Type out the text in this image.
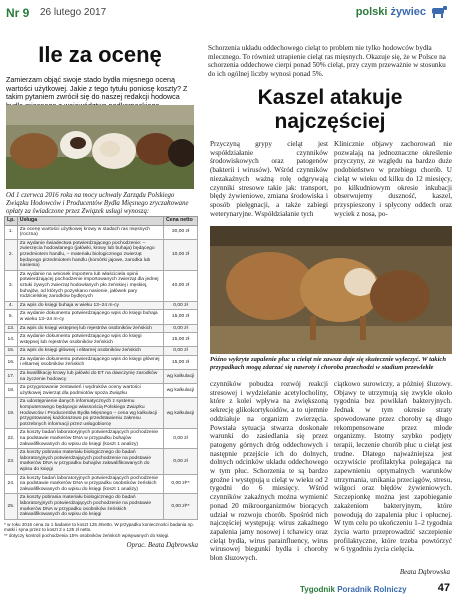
Nr 9 26 lutego 2017	polski żywiec
Ile za ocenę
Zamierzam objąć swoje stado bydła mięsnego oceną wartości użytkowej. Jakie z tego tytułu poniosę koszty? Z takim pytaniem zwrócił się do naszej redakcji hodowca
Od 1 czerwca 2016 roku na mocy uchwały Zarządu Polskiego Związku Hodowców i Producentów Bydła Mięsnego zryczałtowane opłaty za świadczone przez Związek usługi wynoszą:
Lp.	Usługa	Cena netto
1.	Za ocenę wartości użytkowej krowy w stadach ras mięsnych (roczna)	30,00 zł
2.	Za wydanie świadectwa potwierdzającego pochodzenie: – zwierzęcia hodowlanego (jałówki, krowy lub buhaja) będącego przedmiotem handlu, – materiału biologicznego zwierząt będącego przedmiotem handlu (komórki jajowe, zarodka lub nasienia)	10,00 zł
3.	Za wydanie na wniosek importera lub właściciela opinii potwierdzającej pochodzenie importowanych zwierząt dla jednej sztuki żywych zwierząt hodowlanych pło żeńskiej i męskiej, buhajów, od których pozyskano nasienie, jałówek pary rodzicielskiej zarodków bydlęcych	40,00 zł
4.	Za wpis do księgi buhaja w wieku 13–24 m-cy	0,00 zł
5.	Za wydanie dokumentu potwierdzającego wpis do księgi buhaja w wieku 13–24 m-cy	15,00 zł
13.	Za wpis do księgi wstępnej lub rejestrów osobników żeńskich	0,00 zł
14.	Za wydanie dokumentu potwierdzającego wpis do księgi wstępnej lub rejestrów osobników żeńskich	15,00 zł
15.	Za wpis do księgi głównej i elitarnej osobników żeńskich	0,00 zł
16.	Za wydanie dokumentu potwierdzającego wpis do księgi głównej i elitarnej osobników żeńskich	15,00 zł
17.	Za kwalifikację krowy lub jałówki do ET na dawczynię zarodków na życzenie hodowcy	wg kalkulacji
18.	Za przygotowanie zestawień i wydruków oceny wartości użytkowej zwierząt dla podmiotów spoza Związku	wg kalkulacji
19.	Za udostępnienie danych informatycznych z systemu komputerowego będącego własnością Polskiego Związku Hodowców i Producentów Bydła Mięsnego – cena wg kalkulacji przygotowanej każdorazowo po przedstawieniu zakresu potrzebnych informacji przez usługobiorcę	wg kalkulacji
22.	Za koszty badań laboratoryjnych potwierdzających pochodzenie na podstawie markerów DNA w przypadku buhajów zakwalifikowanych do wpisu do księgi (koszt 1 analizy)	0,00 zł
23.	Za koszty pobrania materiału biologicznego do badań laboratoryjnych potwierdzających pochodzenie na podstawie markerów DNA w przypadku buhajów zakwalifikowanych do wpisu do księgi	0,00 zł
24.	Za koszty badań laboratoryjnych potwierdzających pochodzenie na podstawie markerów DNA w przypadku osobników żeńskich zakwalifikowanych do wpisu do księgi (koszt 1 analizy)	0,00 zł**
25.	Za koszty pobrania materiału biologicznego do badań laboratoryjnych potwierdzających pochodzenie na podstawie markerów DNA w przypadku osobników żeńskich zakwalifikowanych do wpisu do księgi	0,00 zł**
* w roku 2016 cena za 1 badanie to koszt 125 złnetto. W przypadku konieczności badania np. matki i syna przez to koszt 2 x 125 zł netto.
** dotyczy kontroli pochodzenia 15% osobników żeńskich wpisywanych do księgi.
Oprac. Beata Dąbrowska
Schorzenia układu oddechowego cieląt to problem nie tylko hodowców bydła mlecznego. To również utrapienie cieląt ras mięsnych. Okazuje się, że w Polsce na schorzenia oddechowe cierpi ponad 50% cieląt, przy czym przeważnie w stosunku do ich ogólnej liczby wynosi ponad 5%.
Kaszel atakuje najczęściej
Przyczyną grypy cieląt jest współdziałanie czynników środowiskowych oraz patogenów (bakterii i wirusów). Wśród czynników niezakaźnych ważną rolę odgrywają czynniki stresowe takie jak: transport, błędy żywieniowe, zmiana środowiska i sposób pielęgnacji, a także zabiegi weterynaryjne. Współdziałanie tych
Klinicznie objawy zachorowań nie pozwalają na jednoznaczne określenie przyczyny, ze względu na bardzo duże podobieństwo w przebiegu chorób. U cieląt w wieku od kilku do 12 miesięcy, po kilkudniowym okresie inkubacji obserwujemy duszność, kaszel, przyspieszony i spłycony oddech oraz wyciek z nosa, po-
Późno wykryte zapalenie płuc u cieląt nie zawsze daje się skutecznie wyleczyć. W takich przypadkach mogą zdarzać się nawroty i choroba przechodzi w stadium przewlekłe
czynników pobudza rozwój reakcji stresowej i wydzielanie acetylocholiny, które z kolei wpływa na zwiększoną sekrecję glikokortykoidów, a to ujemnie oddziałuje na organizm zwierzęcia. Powstała sytuacja stwarza doskonałe warunki do zasiedlania się przez patogeny górnych dróg oddechowych i następnie przejście ich do dolnych, dolnych odcinków układu oddechowego w tym płuc. Schorzenia te są bardzo groźne i występują u cieląt w wieku od 2 tygodni do 6 miesięcy. Wśród czynników zakaźnych można wymienić ponad 20 mikroorganizmów biorących udział w rozwoju chorób. Spośród nich najczęściej występują: wirus zakaźnego zapalenia jamy nosowej i tchawicy oraz cieląt bydła, wirus parainfluency, wirus wirusowej biegunki bydła i choroby błon śluzowych.
ciątkowo surowiczy, a później śluzowy. Objawy te utrzymują się zwykle około tygodnia bez powikłań bakteryjnych. Jednak w tym okresie straty spowodowane przez choroby są długo rekompensowane przez młode organizmy. Istotny szybko podjęty terapii, leczenie chorób płuc u cieląt jest trudne. Dlatego najważniejsza jest oczywiście profilaktyka polegająca na zapewnieniu optymalnych warunków utrzymania, unikania przeciągów, stresu, wilgoci oraz błędów żywieniowych. Szczepionkę można jest zapobieganie zakażeniom bakteryjnym, które powodują do zapalenia płuc i opłucnej. W tym celu po ukończeniu 1–2 tygodnia życia warto przeprowadzić szczepienie profilaktyczne, które trzeba powtórzyć w 6 tygodniu życia cielęcia.
Beata Dąbrowska
Tygodnik Poradnik Rolniczy	47
